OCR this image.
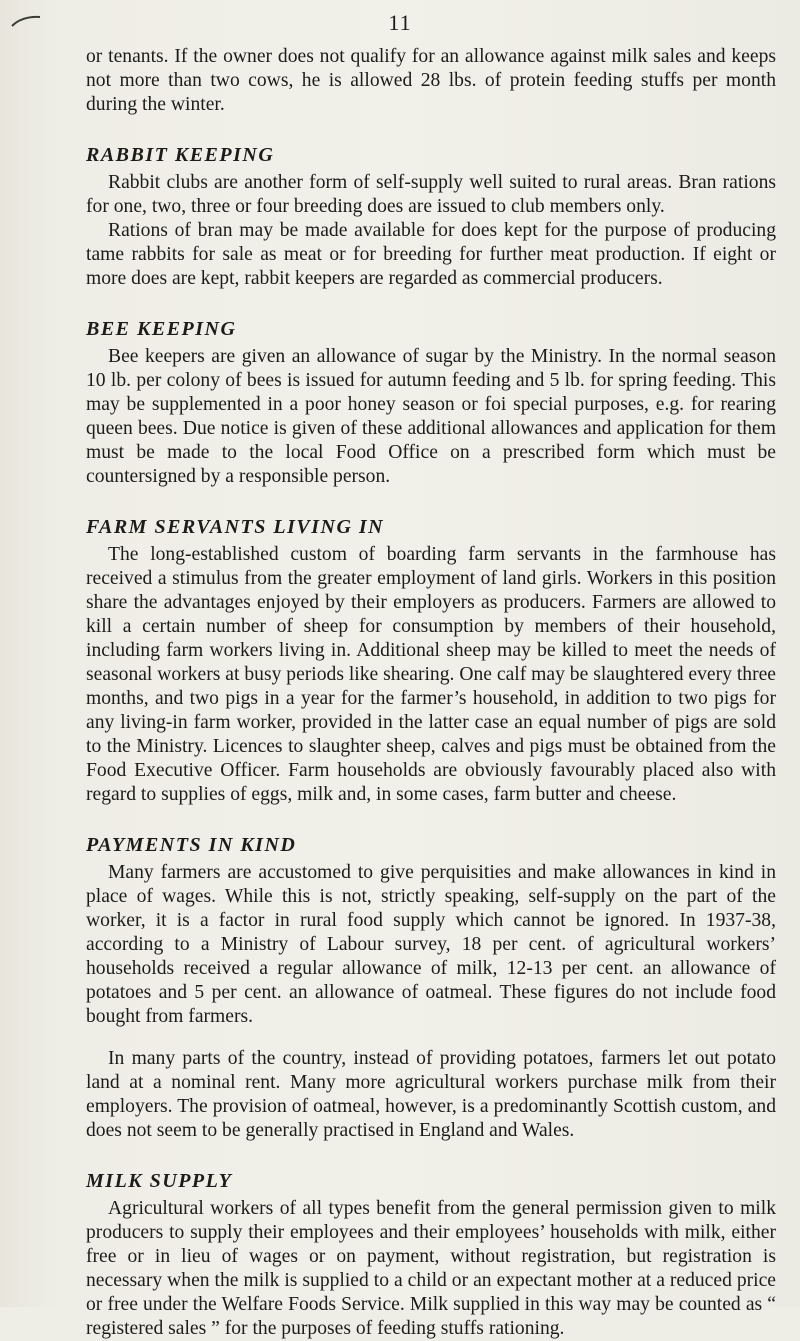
11

or tenants. If the owner does not qualify for an allowance against milk sales and keeps not more than two cows, he is allowed 28 lbs. of protein feeding stuffs per month during the winter.

RABBIT KEEPING

Rabbit clubs are another form of self-supply well suited to rural areas. Bran rations for one, two, three or four breeding does are issued to club members only.

Rations of bran may be made available for does kept for the purpose of producing tame rabbits for sale as meat or for breeding for further meat production. If eight or more does are kept, rabbit keepers are regarded as commercial producers.

BEE KEEPING

Bee keepers are given an allowance of sugar by the Ministry. In the normal season 10 lb. per colony of bees is issued for autumn feeding and 5 lb. for spring feeding. This may be supplemented in a poor honey season or foi special purposes, e.g. for rearing queen bees. Due notice is given of these additional allowances and application for them must be made to the local Food Office on a prescribed form which must be countersigned by a responsible person.

FARM SERVANTS LIVING IN

The long-established custom of boarding farm servants in the farmhouse has received a stimulus from the greater employment of land girls. Workers in this position share the advantages enjoyed by their employers as producers. Farmers are allowed to kill a certain number of sheep for consumption by members of their household, including farm workers living in. Additional sheep may be killed to meet the needs of seasonal workers at busy periods like shearing. One calf may be slaughtered every three months, and two pigs in a year for the farmer’s household, in addition to two pigs for any living-in farm worker, provided in the latter case an equal number of pigs are sold to the Ministry. Licences to slaughter sheep, calves and pigs must be obtained from the Food Executive Officer. Farm households are obviously favourably placed also with regard to supplies of eggs, milk and, in some cases, farm butter and cheese.

PAYMENTS IN KIND

Many farmers are accustomed to give perquisities and make allowances in kind in place of wages. While this is not, strictly speaking, self-supply on the part of the worker, it is a factor in rural food supply which cannot be ignored. In 1937-38, according to a Ministry of Labour survey, 18 per cent. of agricultural workers’ households received a regular allowance of milk, 12-13 per cent. an allowance of potatoes and 5 per cent. an allowance of oatmeal. These figures do not include food bought from farmers.

In many parts of the country, instead of providing potatoes, farmers let out potato land at a nominal rent. Many more agricultural workers purchase milk from their employers. The provision of oatmeal, however, is a predominantly Scottish custom, and does not seem to be generally practised in England and Wales.

MILK SUPPLY

Agricultural workers of all types benefit from the general permission given to milk producers to supply their employees and their employees’ households with milk, either free or in lieu of wages or on payment, without registration, but registration is necessary when the milk is supplied to a child or an expectant mother at a reduced price or free under the Welfare Foods Service. Milk supplied in this way may be counted as “ registered sales ” for the purposes of feeding stuffs rationing.
